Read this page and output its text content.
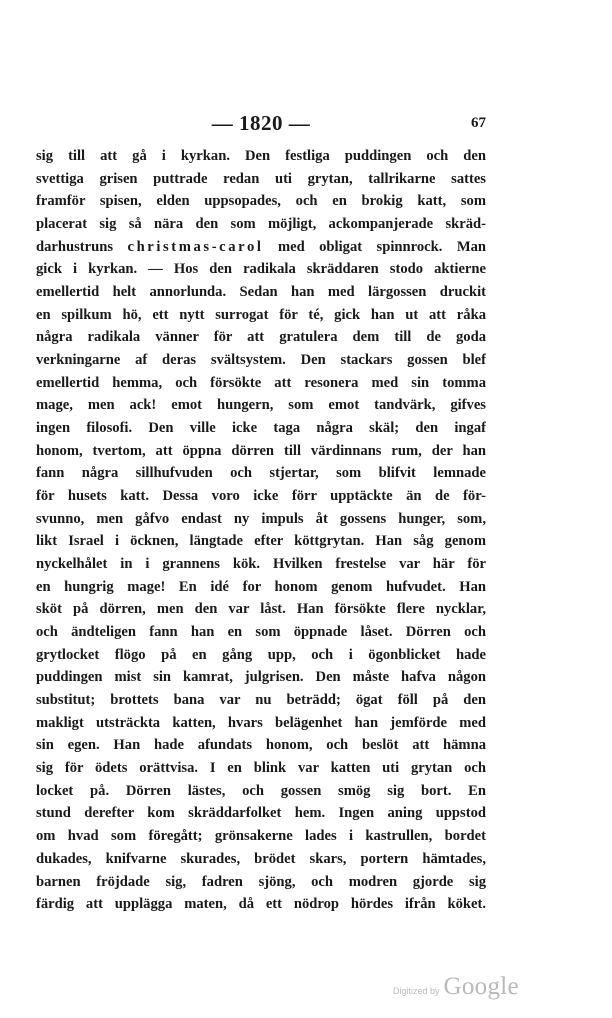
— 1820 —	67
sig till att gå i kyrkan. Den festliga puddingen och den
svettiga grisen puttrade redan uti grytan, tallrikarne sattes
framför spisen, elden uppsopades, och en brokig katt, som
placerat sig så nära den som möjligt, ackompanjerade skräd-
darhustruns christmas-carol med obligat spinnrock. Man
gick i kyrkan. –– Hos den radikala skräddaren stodo aktierne
emellertid helt annorlunda. Sedan han med lärgossen druckit
en spilkum hö, ett nytt surrogat för té, gick han ut att råka
några radikala vänner för att gratulera dem till de goda
verkningarne af deras svältsystem. Den stackars gossen blef
emellertid hemma, och försökte att resonera med sin tomma
mage, men ack! emot hungern, som emot tandvärk, gifves
ingen filosofi. Den ville icke taga några skäl; den ingaf
honom, tvertom, att öppna dörren till värdinnans rum, der han
fann några sillhufvuden och stjertar, som blifvit lemnade
för husets katt. Dessa voro icke förr upptäckte än de för-
svunno, men gåfvo endast ny impuls åt gossens hunger, som,
likt Israel i öcknen, längtade efter köttgrytan. Han såg genom
nyckelhålet in i grannens kök. Hvilken frestelse var här för
en hungrig mage! En idé for honom genom hufvudet. Han
sköt på dörren, men den var låst. Han försökte flere nycklar,
och ändteligen fann han en som öppnade låset. Dörren och
grytlocket flögo på en gång upp, och i ögonblicket hade
puddingen mist sin kamrat, julgrisen. Den måste hafva någon
substitut; brottets bana var nu beträdd; ögat föll på den
makligt utsträckta katten, hvars belägenhet han jemförde med
sin egen. Han hade afundats honom, och beslöt att hämna
sig för ödets orättvisa. I en blink var katten uti grytan och
locket på. Dörren lästes, och gossen smög sig bort. En
stund derefter kom skräddarfolket hem. Ingen aning uppstod
om hvad som föregått; grönsakerne lades i kastrullen, bordet
dukades, knifvarne skurades, brödet skars, portern hämtades,
barnen fröjdade sig, fadren sjöng, och modren gjorde sig
färdig att upplägga maten, då ett nödrop hördes ifrån köket.
Digitized by Google
